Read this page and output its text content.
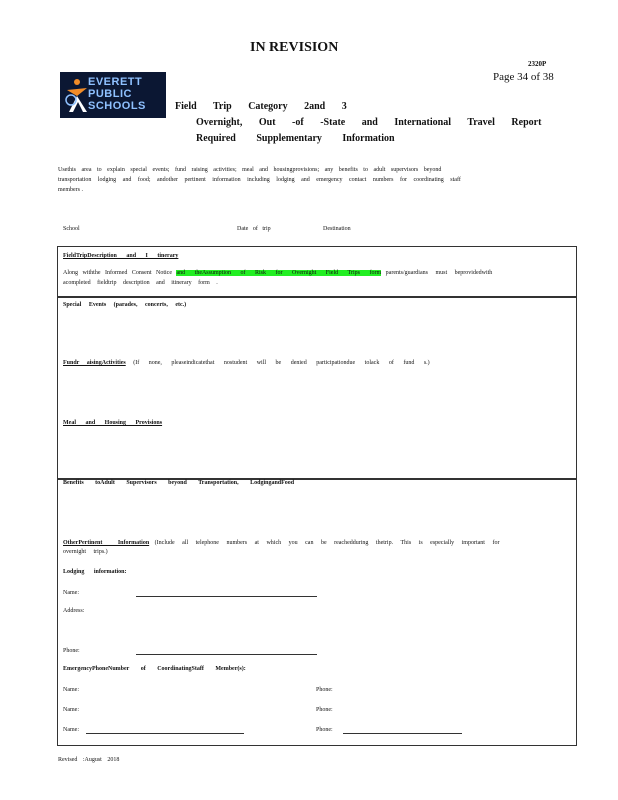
IN REVISION
2320P
Page 34 of 38
EVERETT
PUBLIC
SCHOOLS	Field Trip Category 2and 3
Overnight, Out -of -State and International Travel Report
Required Supplementary Information
Usethis area to explain special events; fund raising activities; meal and housingprovisions; any benefits to adult supervisors beyond
transportation lodging and food; andother pertinent information including lodging and emergency contact numbers for coordinating staff
members .
School	Date of trip	Destination
FieldTripDescription and I tinerary
Along withthe Informed Consent Notice and theAssumption of Risk for Overnight Field Trips form parents/guardians must beprovidedwith
acompleted fieldtrip description and itinerary form .
Special Events (parades, concerts, etc.)
Fundr aisingActivities (If none, pleaseindicatethat nostudent will be denied participationdue tolack of fund s.)
Meal and Housing Provisions
Benefits toAdult Supervisors beyond Transportation, LodgingandFood
OtherPertinent Information (Include all telephone numbers at which you can be reachedduring thetrip. This is especially important for
overnight trips.)
Lodging information:
Name:
Address:
Phone:
EmergencyPhoneNumber of CoordinatingStaff Member(s):
Name:	Phone:
Name:	Phone:
Name:	Phone:
Revised :August 2018
